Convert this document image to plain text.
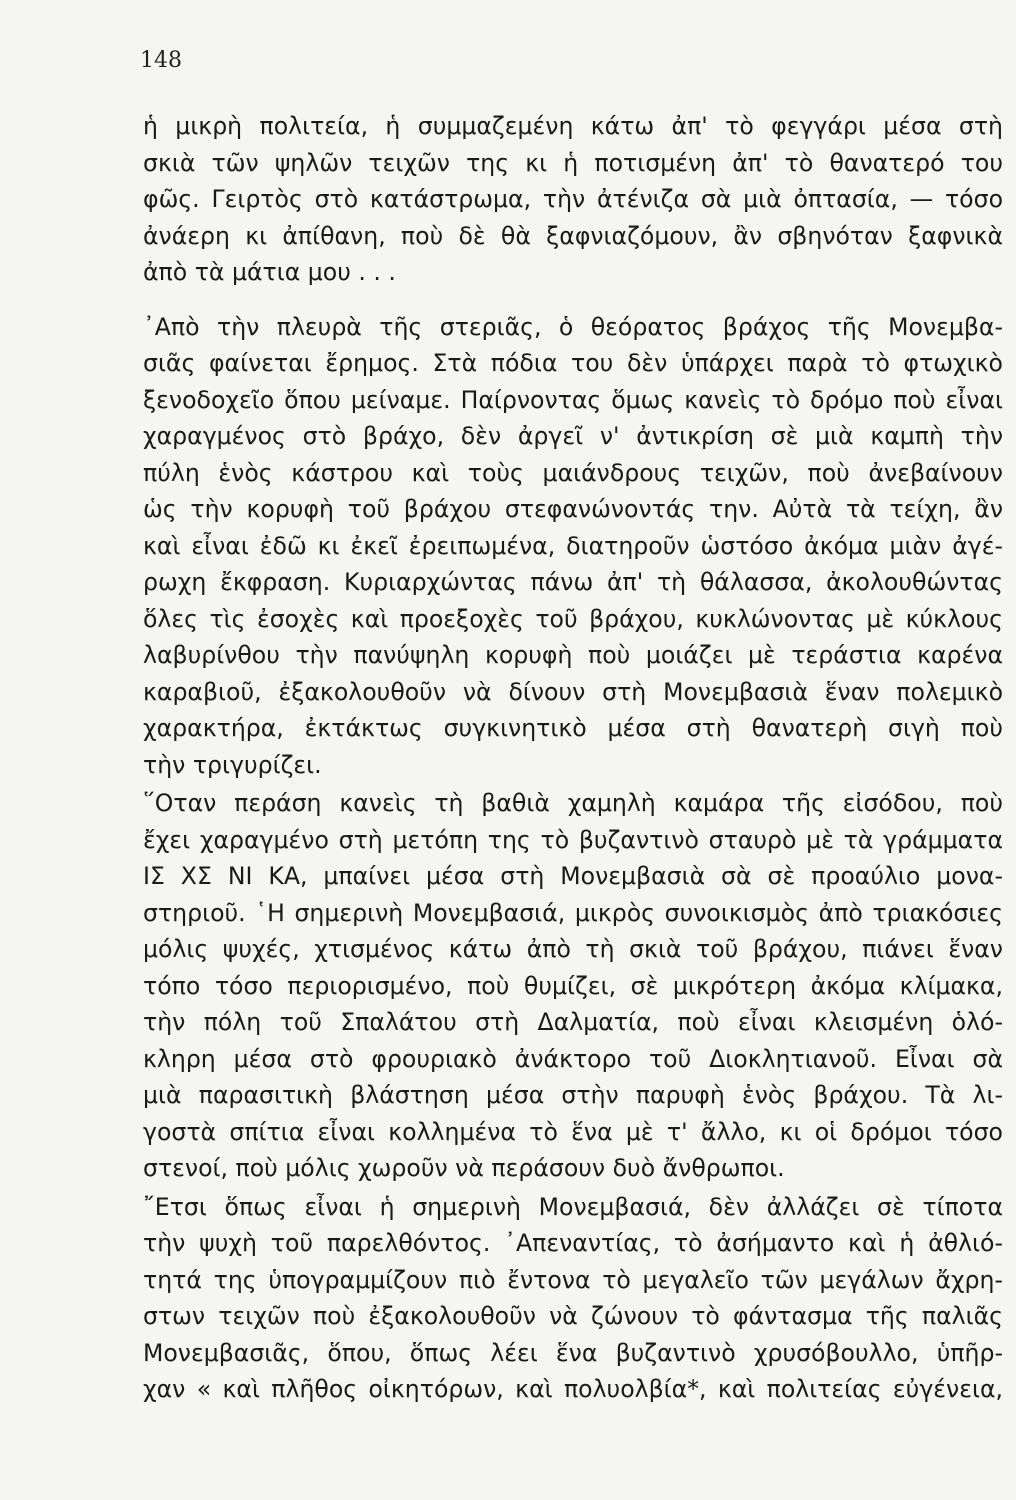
148
ἡ μικρὴ πολιτεία, ἡ συμμαζεμένη κάτω ἀπ' τὸ φεγγάρι μέσα στὴ
σκιὰ τῶν ψηλῶν τειχῶν της κι ἡ ποτισμένη ἀπ' τὸ θανατερό του
φῶς. Γειρτὸς στὸ κατάστρωμα, τὴν ἀτένιζα σὰ μιὰ ὀπτασία, — τόσο
ἀνάερη κι ἀπίθανη, ποὺ δὲ θὰ ξαφνιαζόμουν, ἂν σβηνόταν ξαφνικὰ
ἀπὸ τὰ μάτια μου . . .
᾿Απὸ τὴν πλευρὰ τῆς στεριᾶς, ὁ θεόρατος βράχος τῆς Μονεμβα-
σιᾶς φαίνεται ἔρημος. Στὰ πόδια του δὲν ὑπάρχει παρὰ τὸ φτωχικὸ
ξενοδοχεῖο ὅπου μείναμε. Παίρνοντας ὅμως κανεὶς τὸ δρόμο ποὺ εἶναι
χαραγμένος στὸ βράχο, δὲν ἀργεῖ ν' ἀντικρίση σὲ μιὰ καμπὴ τὴν
πύλη ἑνὸς κάστρου καὶ τοὺς μαιάνδρους τειχῶν, ποὺ ἀνεβαίνουν
ὡς τὴν κορυφὴ τοῦ βράχου στεφανώνοντάς την. Αὐτὰ τὰ τείχη, ἂν
καὶ εἶναι ἐδῶ κι ἐκεῖ ἐρειπωμένα, διατηροῦν ὡστόσο ἀκόμα μιὰν ἀγέ-
ρωχη ἔκφραση. Κυριαρχώντας πάνω ἀπ' τὴ θάλασσα, ἀκολουθώντας
ὅλες τὶς ἐσοχὲς καὶ προεξοχὲς τοῦ βράχου, κυκλώνοντας μὲ κύκλους
λαβυρίνθου τὴν πανύψηλη κορυφὴ ποὺ μοιάζει μὲ τεράστια καρένα
καραβιοῦ, ἐξακολουθοῦν νὰ δίνουν στὴ Μονεμβασιὰ ἕναν πολεμικὸ
χαρακτήρα, ἐκτάκτως συγκινητικὸ μέσα στὴ θανατερὴ σιγὴ ποὺ
τὴν τριγυρίζει.
῞Οταν περάση κανεὶς τὴ βαθιὰ χαμηλὴ καμάρα τῆς εἰσόδου, ποὺ
ἔχει χαραγμένο στὴ μετόπη της τὸ βυζαντινὸ σταυρὸ μὲ τὰ γράμματα
ΙΣ ΧΣ ΝΙ ΚΑ, μπαίνει μέσα στὴ Μονεμβασιὰ σὰ σὲ προαύλιο μονα-
στηριοῦ. ῾Η σημερινὴ Μονεμβασιά, μικρὸς συνοικισμὸς ἀπὸ τριακόσιες
μόλις ψυχές, χτισμένος κάτω ἀπὸ τὴ σκιὰ τοῦ βράχου, πιάνει ἕναν
τόπο τόσο περιορισμένο, ποὺ θυμίζει, σὲ μικρότερη ἀκόμα κλίμακα,
τὴν πόλη τοῦ Σπαλάτου στὴ Δαλματία, ποὺ εἶναι κλεισμένη ὁλό-
κληρη μέσα στὸ φρουριακὸ ἀνάκτορο τοῦ Διοκλητιανοῦ. Εἶναι σὰ
μιὰ παρασιτικὴ βλάστηση μέσα στὴν παρυφὴ ἑνὸς βράχου. Τὰ λι-
γοστὰ σπίτια εἶναι κολλημένα τὸ ἕνα μὲ τ' ἄλλο, κι οἱ δρόμοι τόσο
στενοί, ποὺ μόλις χωροῦν νὰ περάσουν δυὸ ἄνθρωποι.
῎Ετσι ὅπως εἶναι ἡ σημερινὴ Μονεμβασιά, δὲν ἀλλάζει σὲ τίποτα
τὴν ψυχὴ τοῦ παρελθόντος. ᾿Απεναντίας, τὸ ἀσήμαντο καὶ ἡ ἀθλιό-
τητά της ὑπογραμμίζουν πιὸ ἔντονα τὸ μεγαλεῖο τῶν μεγάλων ἄχρη-
στων τειχῶν ποὺ ἐξακολουθοῦν νὰ ζώνουν τὸ φάντασμα τῆς παλιᾶς
Μονεμβασιᾶς, ὅπου, ὅπως λέει ἕνα βυζαντινὸ χρυσόβουλλο, ὑπῆρ-
χαν « καὶ πλῆθος οἰκητόρων, καὶ πολυολβία*, καὶ πολιτείας εὐγένεια,
